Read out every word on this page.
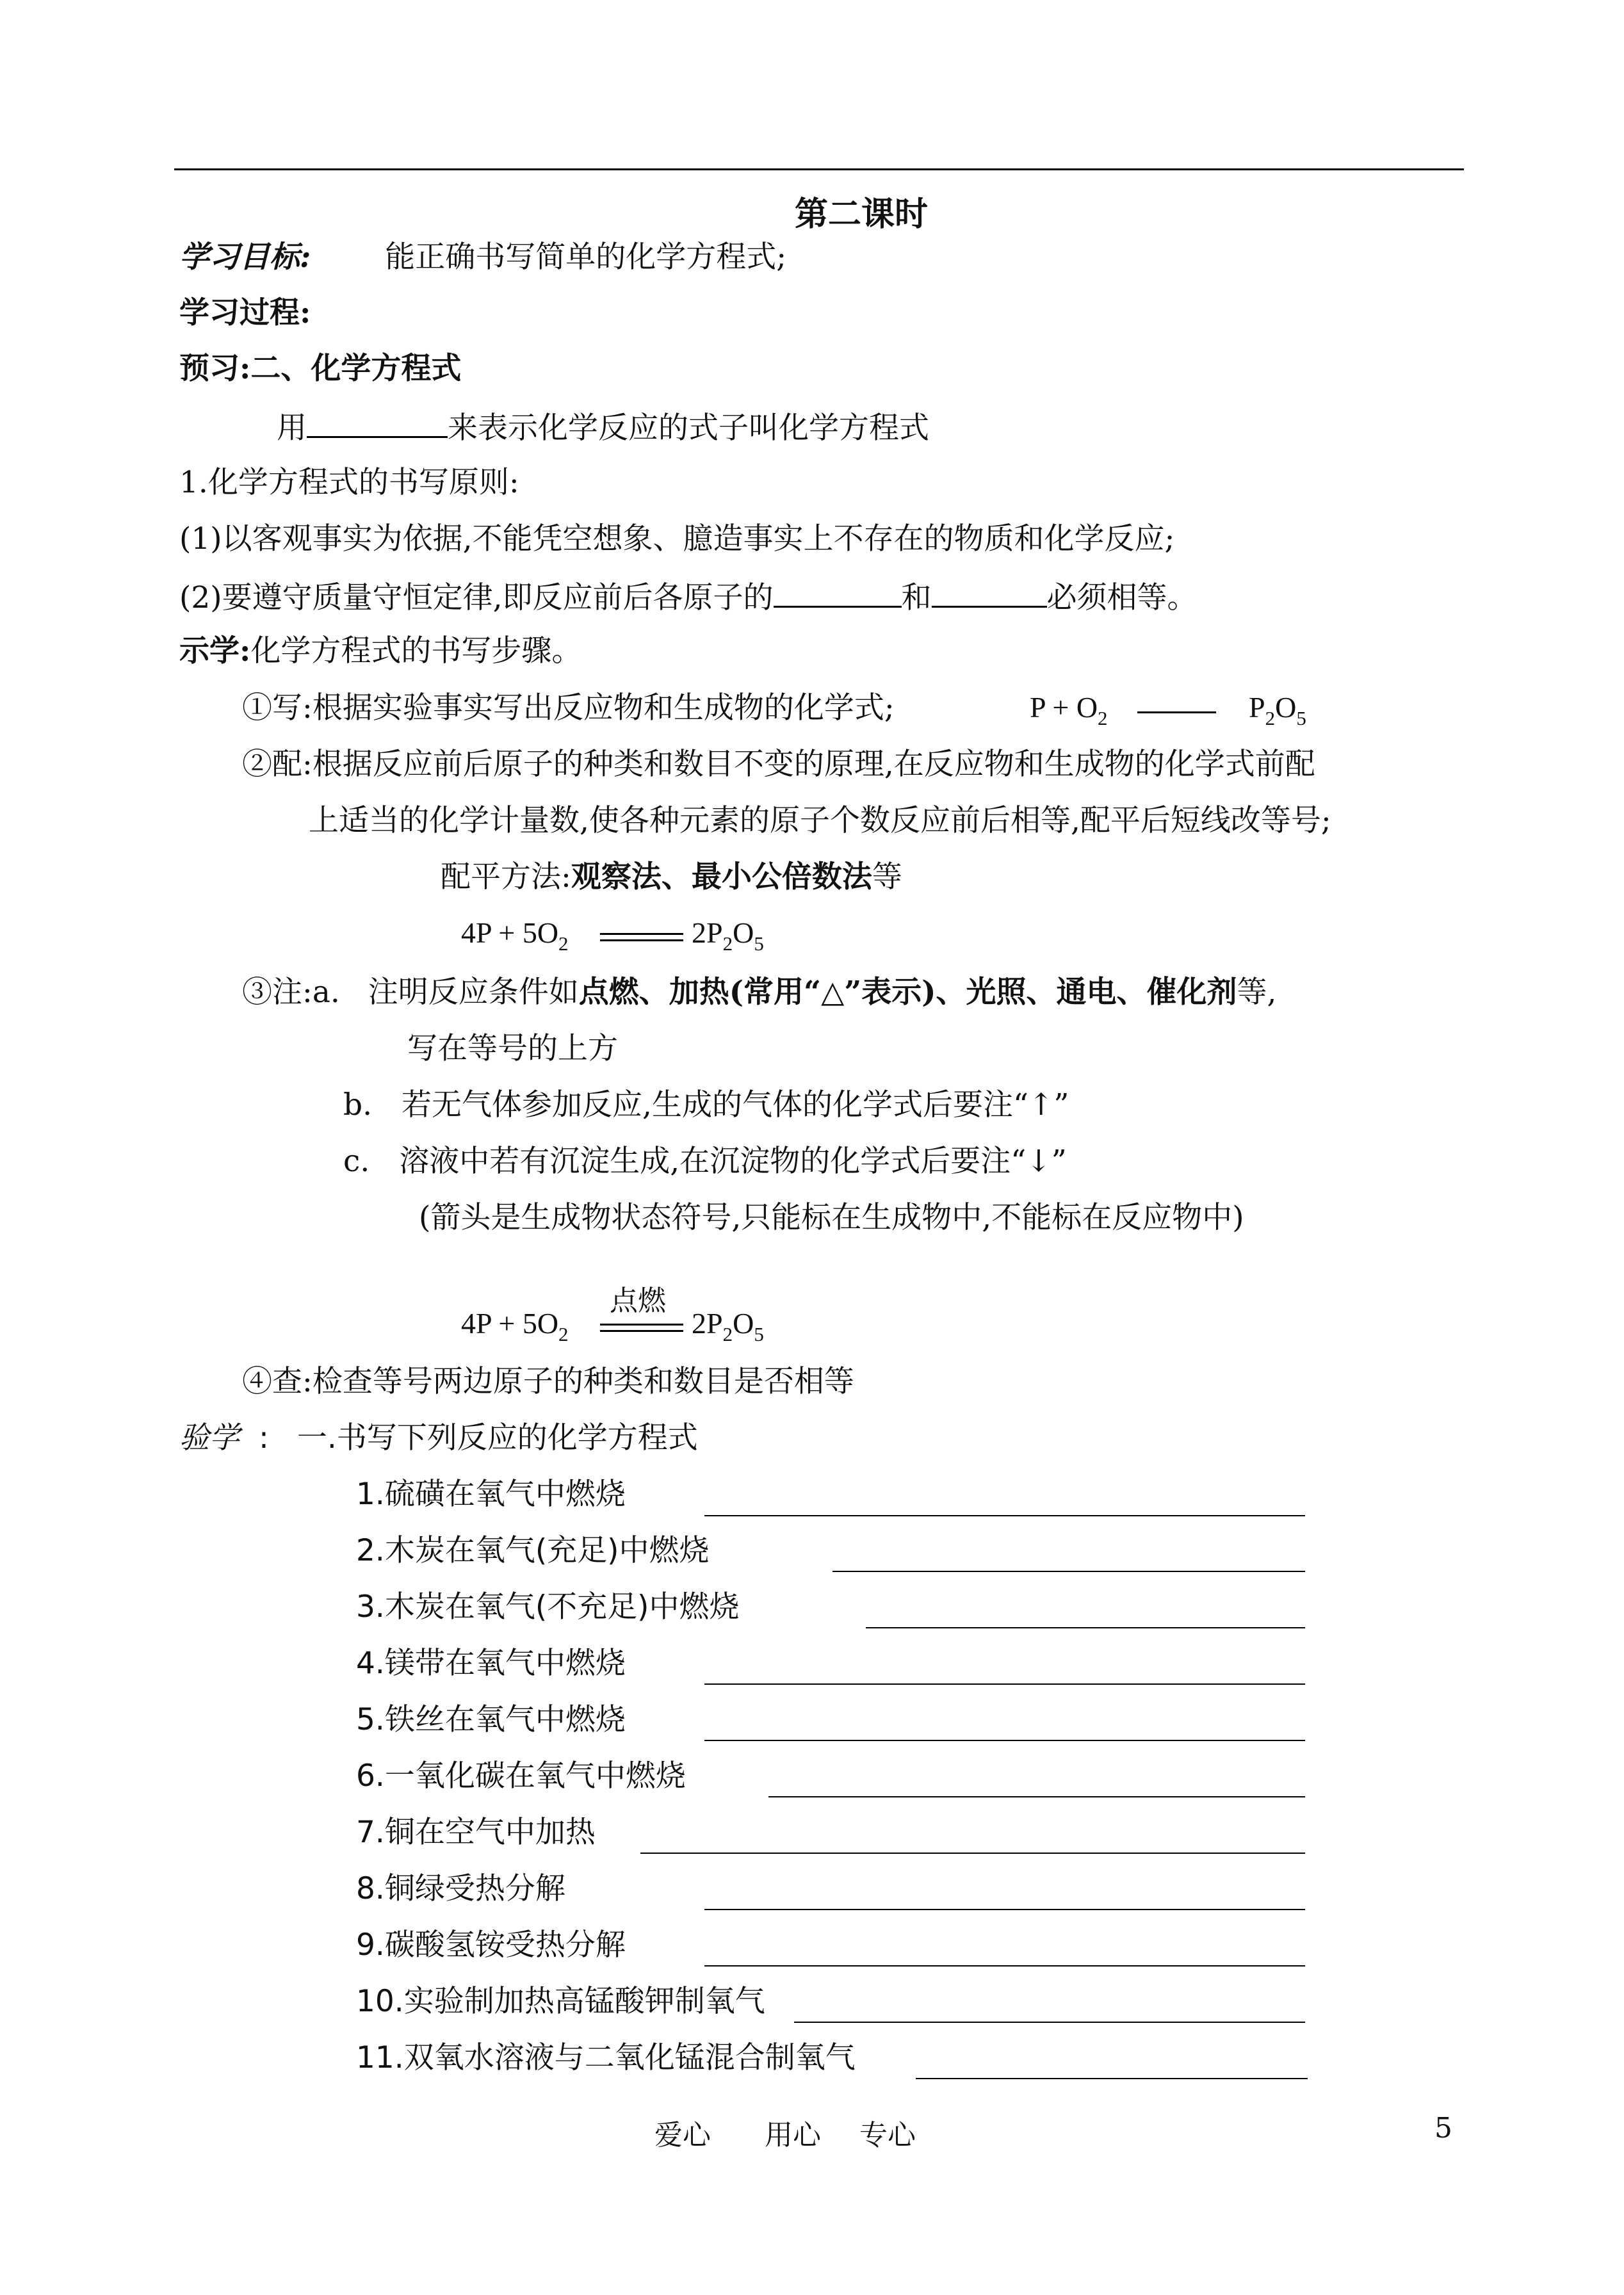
第二课时
学习目标: 能正确书写简单的化学方程式;
学习过程:
预习:二、化学方程式
用	来表示化学反应的式子叫化学方程式
1.化学方程式的书写原则:
(1)以客观事实为依据,不能凭空想象、臆造事实上不存在的物质和化学反应;
(2)要遵守质量守恒定律,即反应前后各原子的	和	必须相等。
示学:化学方程式的书写步骤。
①写:根据实验事实写出反应物和生成物的化学式;	$P + O_2$	$P_2O_5$
②配:根据反应前后原子的种类和数目不变的原理,在反应物和生成物的化学式前配
上适当的化学计量数,使各种元素的原子个数反应前后相等,配平后短线改等号;
配平方法:观察法、最小公倍数法等
$4P + 5O_2$	$2P_2O_5$
③注:a. 注明反应条件如点燃、加热(常用“△”表示)、光照、通电、催化剂等,
写在等号的上方
b. 若无气体参加反应,生成的气体的化学式后要注“↑”
c. 溶液中若有沉淀生成,在沉淀物的化学式后要注“↓”
(箭头是生成物状态符号,只能标在生成物中,不能标在反应物中)
点燃
$4P + 5O_2$	$2P_2O_5$
④查:检查等号两边原子的种类和数目是否相等
验学 : 一.书写下列反应的化学方程式
1.硫磺在氧气中燃烧
2.木炭在氧气(充足)中燃烧
3.木炭在氧气(不充足)中燃烧
4.镁带在氧气中燃烧
5.铁丝在氧气中燃烧
6.一氧化碳在氧气中燃烧
7.铜在空气中加热
8.铜绿受热分解
9.碳酸氢铵受热分解
10.实验制加热高锰酸钾制氧气
11.双氧水溶液与二氧化锰混合制氧气
爱心 用心 专心	5
